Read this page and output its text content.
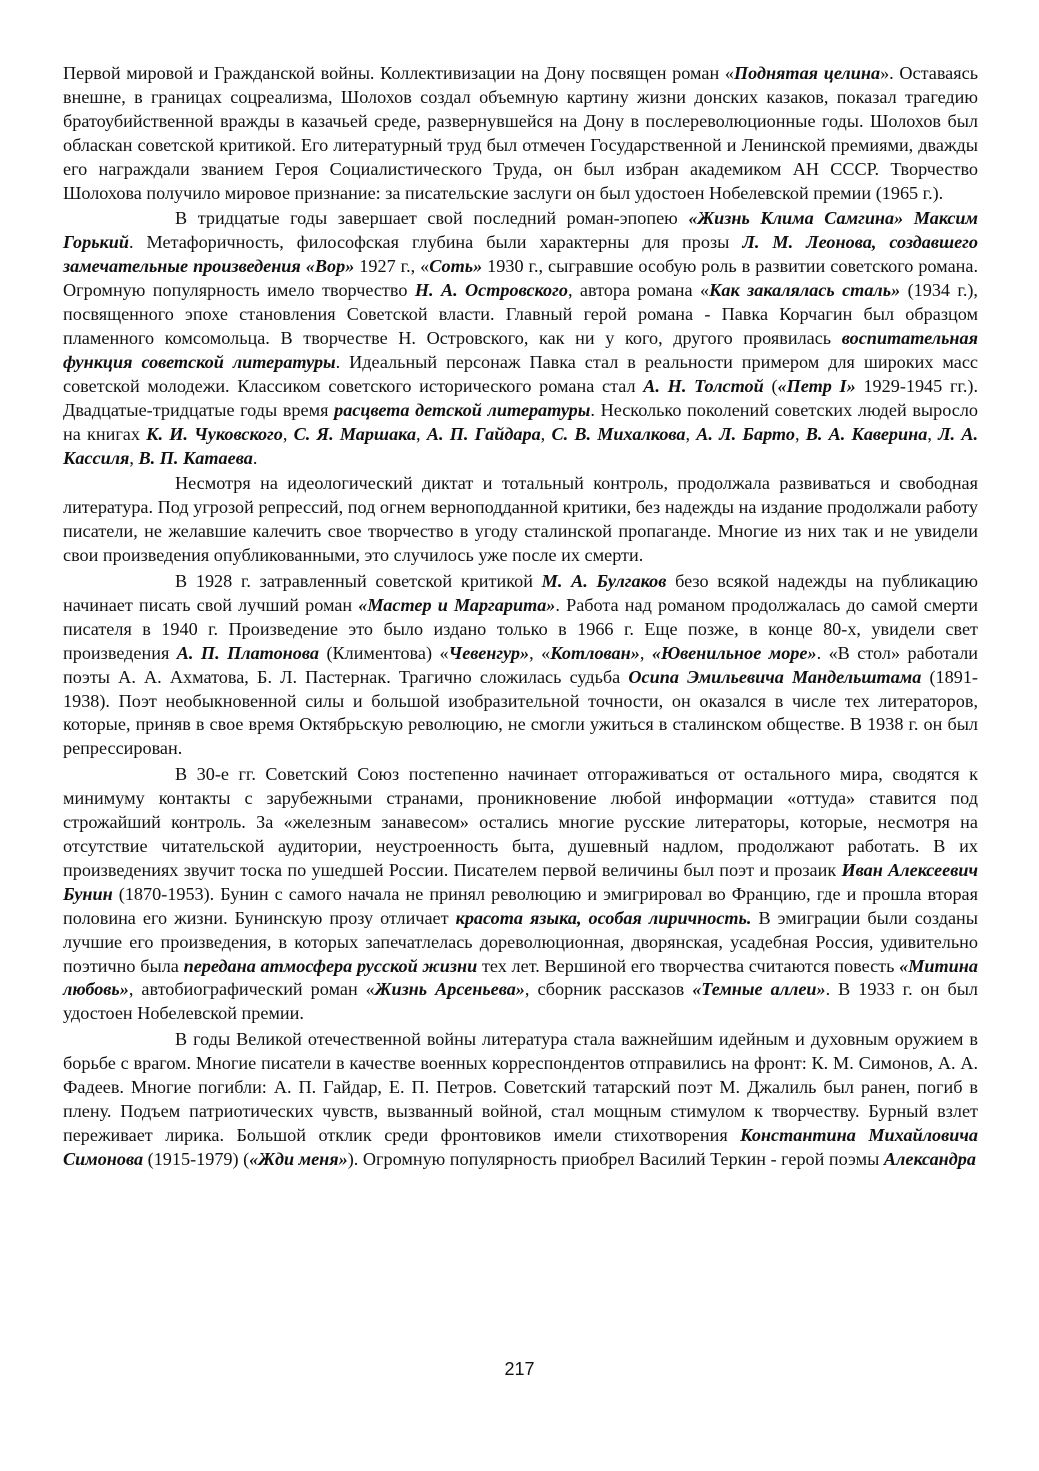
Первой мировой и Гражданской войны. Коллективизации на Дону посвящен роман «Поднятая целина». Оставаясь внешне, в границах соцреализма, Шолохов создал объемную картину жизни донских казаков, показал трагедию братоубийственной вражды в казачьей среде, развернувшейся на Дону в послереволюционные годы. Шолохов был обласкан советской критикой. Его литературный труд был отмечен Государственной и Ленинской премиями, дважды его награждали званием Героя Социалистического Труда, он был избран академиком АН СССР. Творчество Шолохова получило мировое признание: за писательские заслуги он был удостоен Нобелевской премии (1965 г.).

В тридцатые годы завершает свой последний роман-эпопею «Жизнь Клима Самгина» Максим Горький. Метафоричность, философская глубина были характерны для прозы Л. М. Леонова, создавшего замечательные произведения «Вор» 1927 г., «Соть» 1930 г., сыгравшие особую роль в развитии советского романа. Огромную популярность имело творчество Н. А. Островского, автора романа «Как закалялась сталь» (1934 г.), посвященного эпохе становления Советской власти. Главный герой романа - Павка Корчагин был образцом пламенного комсомольца. В творчестве Н. Островского, как ни у кого, другого проявилась воспитательная функция советской литературы. Идеальный персонаж Павка стал в реальности примером для широких масс советской молодежи. Классиком советского исторического романа стал А. Н. Толстой («Петр I» 1929-1945 гг.). Двадцатые-тридцатые годы время расцвета детской литературы. Несколько поколений советских людей выросло на книгах К. И. Чуковского, С. Я. Маршака, А. П. Гайдара, С. В. Михалкова, А. Л. Барто, В. А. Каверина, Л. А. Кассиля, В. П. Катаева.

Несмотря на идеологический диктат и тотальный контроль, продолжала развиваться и свободная литература. Под угрозой репрессий, под огнем верноподданной критики, без надежды на издание продолжали работу писатели, не желавшие калечить свое творчество в угоду сталинской пропаганде. Многие из них так и не увидели свои произведения опубликованными, это случилось уже после их смерти.

В 1928 г. затравленный советской критикой М. А. Булгаков безо всякой надежды на публикацию начинает писать свой лучший роман «Мастер и Маргарита». Работа над романом продолжалась до самой смерти писателя в 1940 г. Произведение это было издано только в 1966 г. Еще позже, в конце 80-х, увидели свет произведения А. П. Платонова (Климентова) «Чевенгур», «Котлован», «Ювенильное море». «В стол» работали поэты А. А. Ахматова, Б. Л. Пастернак. Трагично сложилась судьба Осипа Эмильевича Мандельштама (1891-1938). Поэт необыкновенной силы и большой изобразительной точности, он оказался в числе тех литераторов, которые, приняв в свое время Октябрьскую революцию, не смогли ужиться в сталинском обществе. В 1938 г. он был репрессирован.

В 30-е гг. Советский Союз постепенно начинает отгораживаться от остального мира, сводятся к минимуму контакты с зарубежными странами, проникновение любой информации «оттуда» ставится под строжайший контроль. За «железным занавесом» остались многие русские литераторы, которые, несмотря на отсутствие читательской аудитории, неустроенность быта, душевный надлом, продолжают работать. В их произведениях звучит тоска по ушедшей России. Писателем первой величины был поэт и прозаик Иван Алексеевич Бунин (1870-1953). Бунин с самого начала не принял революцию и эмигрировал во Францию, где и прошла вторая половина его жизни. Бунинскую прозу отличает красота языка, особая лиричность. В эмиграции были созданы лучшие его произведения, в которых запечатлелась дореволюционная, дворянская, усадебная Россия, удивительно поэтично была передана атмосфера русской жизни тех лет. Вершиной его творчества считаются повесть «Митина любовь», автобиографический роман «Жизнь Арсеньева», сборник рассказов «Темные аллеи». В 1933 г. он был удостоен Нобелевской премии.

В годы Великой отечественной войны литература стала важнейшим идейным и духовным оружием в борьбе с врагом. Многие писатели в качестве военных корреспондентов отправились на фронт: К. М. Симонов, А. А. Фадеев. Многие погибли: А. П. Гайдар, Е. П. Петров. Советский татарский поэт М. Джалиль был ранен, погиб в плену. Подъем патриотических чувств, вызванный войной, стал мощным стимулом к творчеству. Бурный взлет переживает лирика. Большой отклик среди фронтовиков имели стихотворения Константина Михайловича Симонова (1915-1979) («Жди меня»). Огромную популярность приобрел Василий Теркин - герой поэмы Александра

217
